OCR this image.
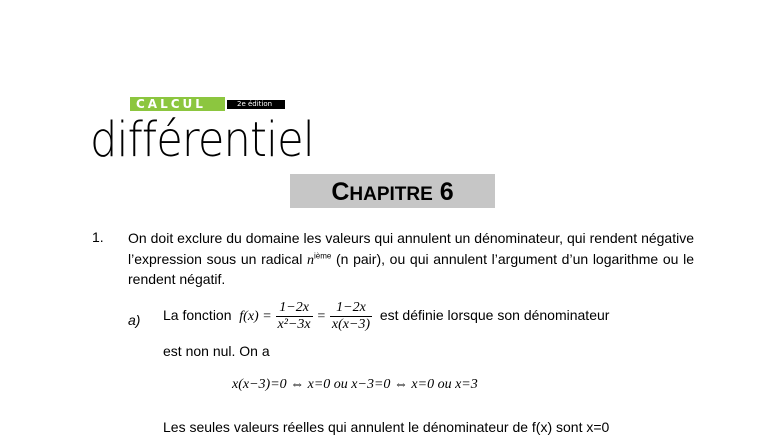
CALCUL	2e édition
différentiel
CHAPITRE 6
1. On doit exclure du domaine les valeurs qui annulent un dénominateur, qui rendent négative l’expression sous un radical $n^{ième}$ (n pair), ou qui annulent l’argument d’un logarithme ou le rendent négatif.
a) La fonction $f(x) = \frac{1-2x}{\text{x²−3x}} = \frac{1-2x}{x(x-3)}$ est définie lorsque son dénominateur
est non nul. On a
x(x−3)=0 ⇔ x=0 ou x−3=0 ⇔ x=0 ou x=3
Les seules valeurs réelles qui annulent le dénominateur de f(x) sont x=0
